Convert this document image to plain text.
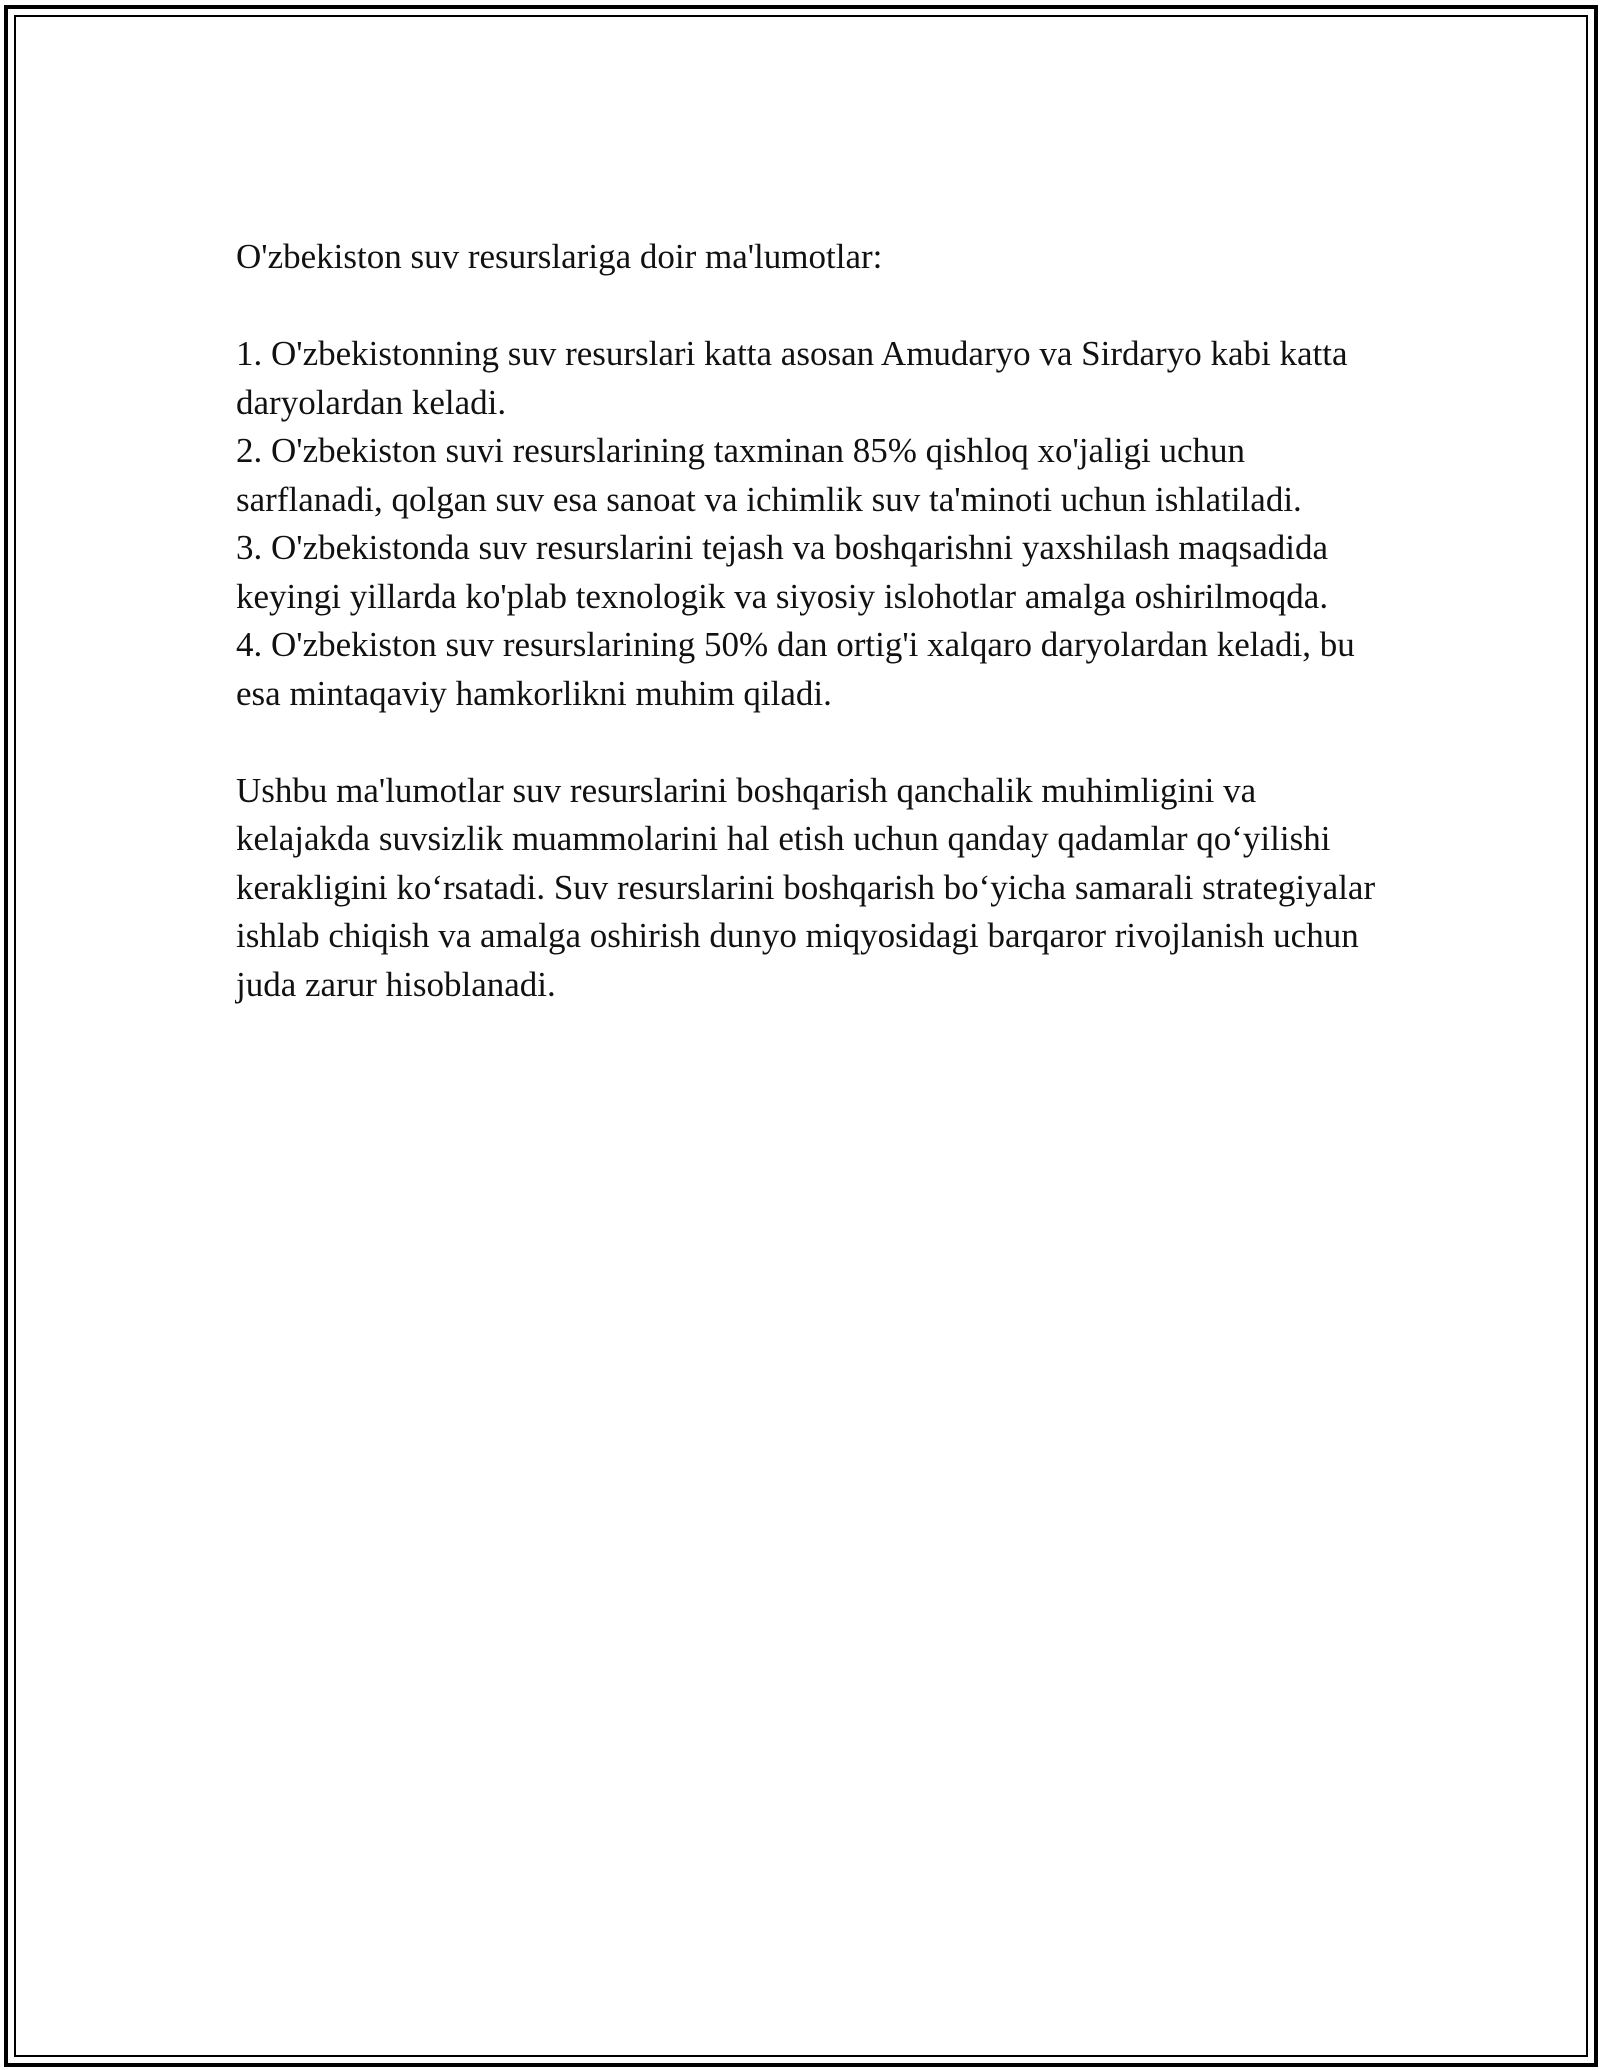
O'zbekiston suv resurslariga doir ma'lumotlar:

1. O'zbekistonning suv resurslari katta asosan Amudaryo va Sirdaryo kabi katta daryolardan keladi.

2. O'zbekiston suvi resurslarining taxminan 85% qishloq xo'jaligi uchun sarflanadi, qolgan suv esa sanoat va ichimlik suv ta'minoti uchun ishlatiladi.

3. O'zbekistonda suv resurslarini tejash va boshqarishni yaxshilash maqsadida keyingi yillarda ko'plab texnologik va siyosiy islohotlar amalga oshirilmoqda.

4. O'zbekiston suv resurslarining 50% dan ortig'i xalqaro daryolardan keladi, bu esa mintaqaviy hamkorlikni muhim qiladi.

Ushbu ma'lumotlar suv resurslarini boshqarish qanchalik muhimligini va kelajakda suvsizlik muammolarini hal etish uchun qanday qadamlar qo‘yilishi kerakligini ko‘rsatadi. Suv resurslarini boshqarish bo‘yicha samarali strategiyalar ishlab chiqish va amalga oshirish dunyo miqyosidagi barqaror rivojlanish uchun juda zarur hisoblanadi.
